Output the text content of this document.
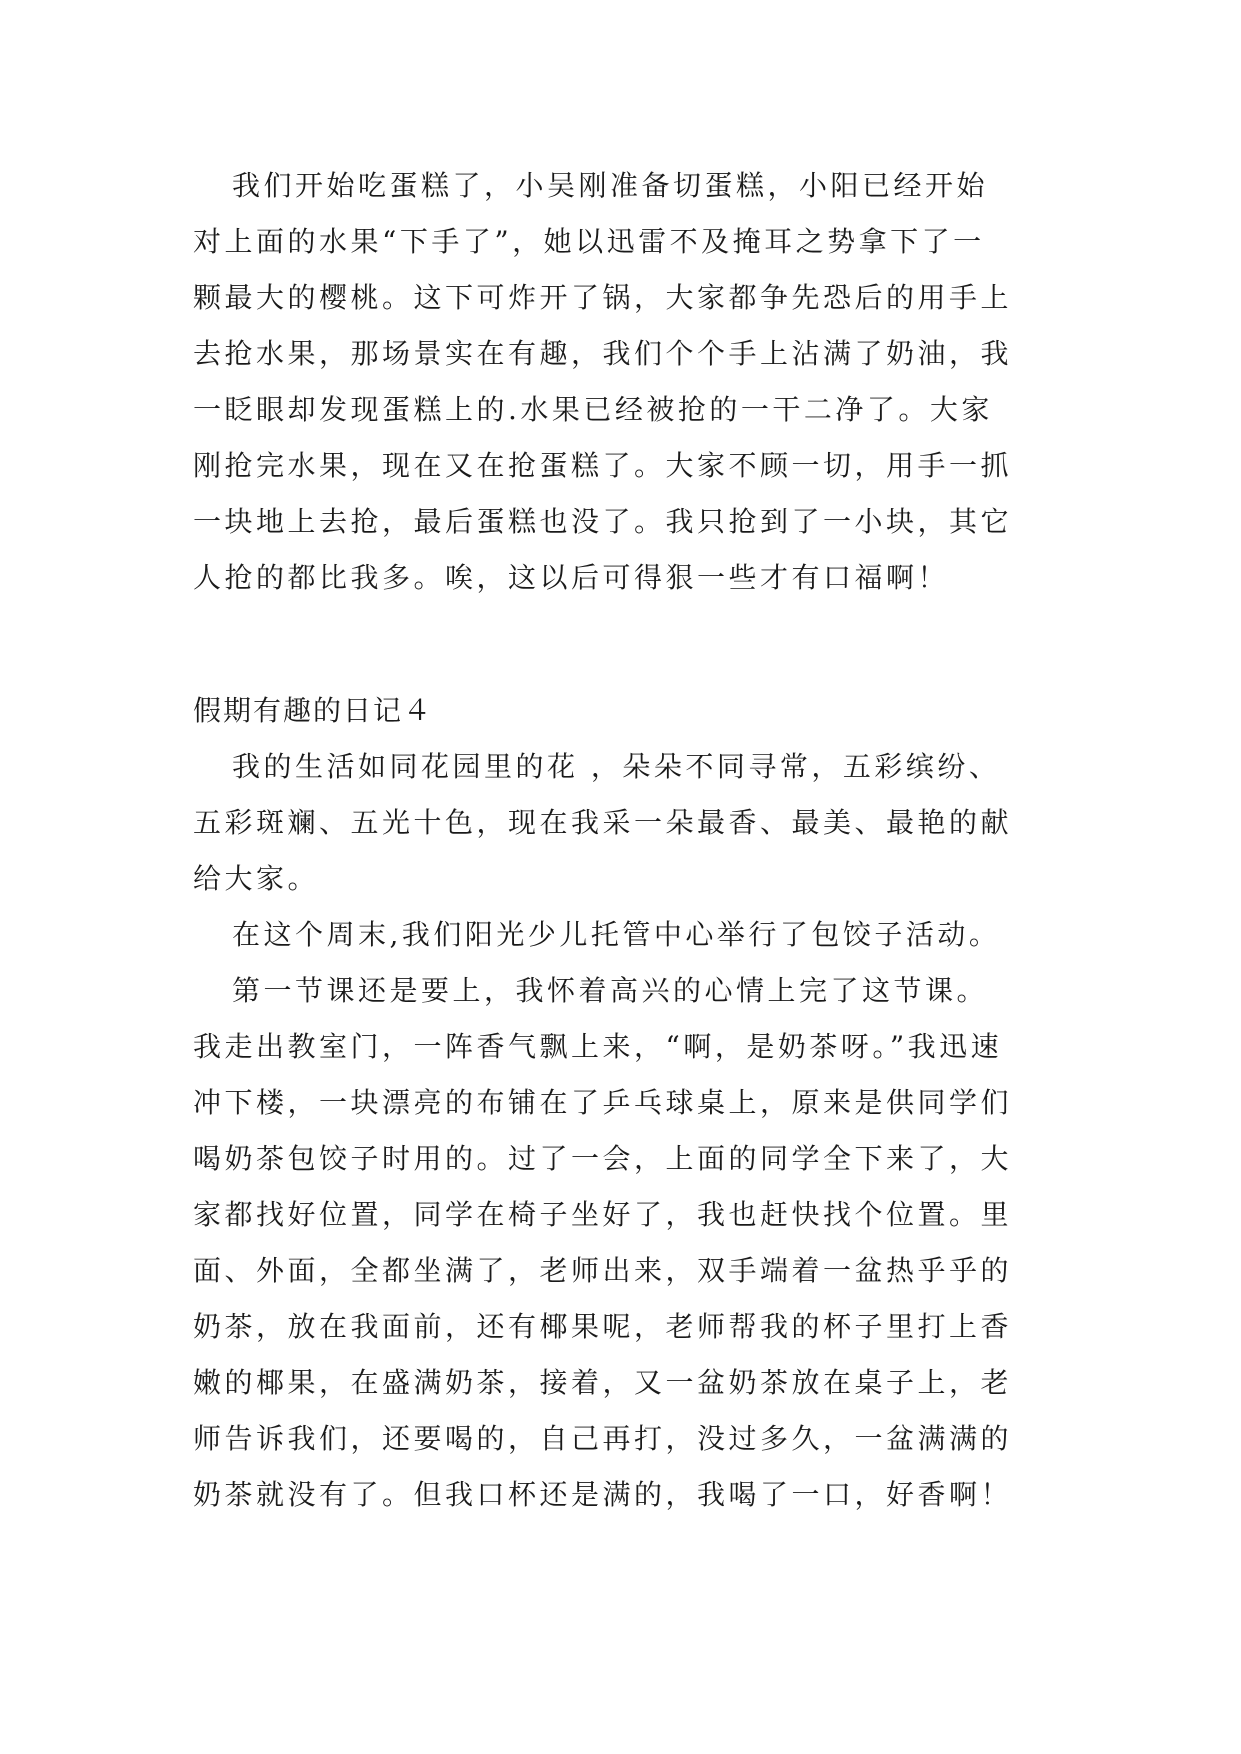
我们开始吃蛋糕了，小吴刚准备切蛋糕，小阳已经开始
对上面的水果“下手了”，她以迅雷不及掩耳之势拿下了一
颗最大的樱桃。这下可炸开了锅，大家都争先恐后的用手上
去抢水果，那场景实在有趣，我们个个手上沾满了奶油，我
一眨眼却发现蛋糕上的.水果已经被抢的一干二净了。大家
刚抢完水果，现在又在抢蛋糕了。大家不顾一切，用手一抓
一块地上去抢，最后蛋糕也没了。我只抢到了一小块，其它
人抢的都比我多。唉，这以后可得狠一些才有口福啊！
假期有趣的日记４
我的生活如同花园里的花 ，朵朵不同寻常，五彩缤纷、
五彩斑斓、五光十色，现在我采一朵最香、最美、最艳的献
给大家。
在这个周末,我们阳光少儿托管中心举行了包饺子活动。
第一节课还是要上，我怀着高兴的心情上完了这节课。
我走出教室门，一阵香气飘上来，“啊，是奶茶呀。”我迅速
冲下楼，一块漂亮的布铺在了乒乓球桌上，原来是供同学们
喝奶茶包饺子时用的。过了一会，上面的同学全下来了，大
家都找好位置，同学在椅子坐好了，我也赶快找个位置。里
面、外面，全都坐满了，老师出来，双手端着一盆热乎乎的
奶茶，放在我面前，还有椰果呢，老师帮我的杯子里打上香
嫩的椰果，在盛满奶茶，接着，又一盆奶茶放在桌子上，老
师告诉我们，还要喝的，自己再打，没过多久，一盆满满的
奶茶就没有了。但我口杯还是满的，我喝了一口，好香啊！
